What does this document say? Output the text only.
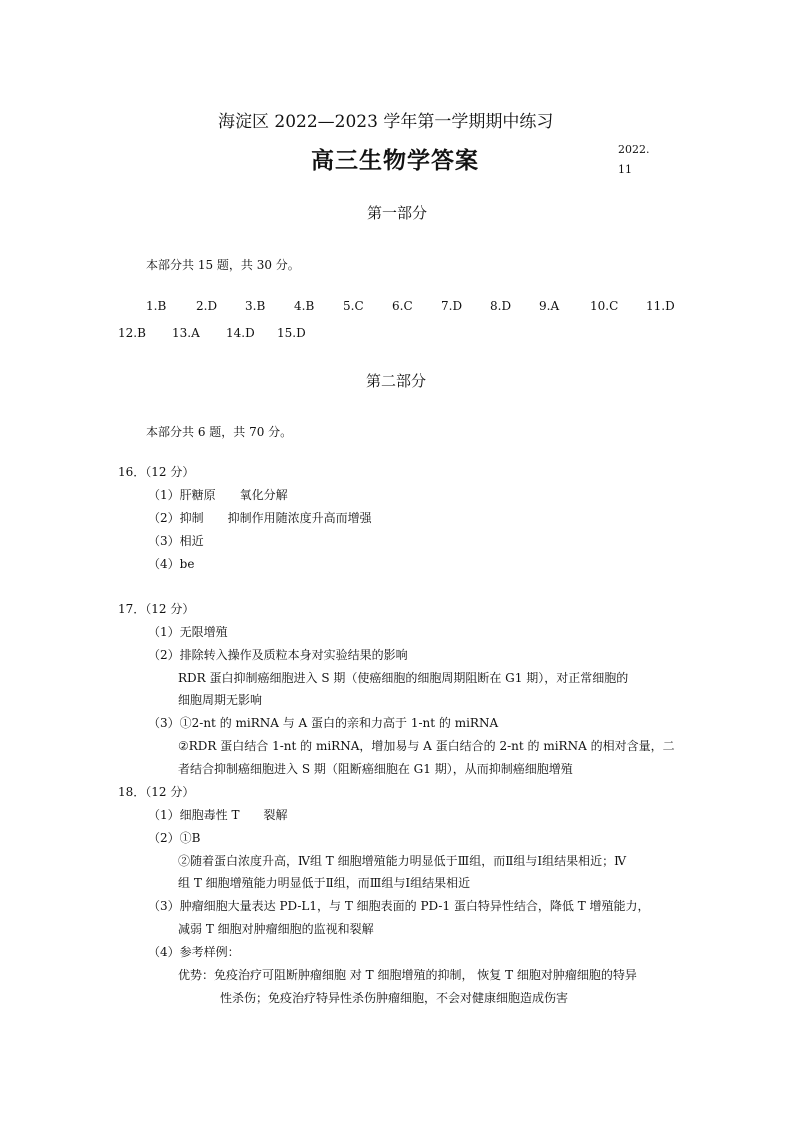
海淀区 2022—2023 学年第一学期期中练习
高三生物学答案	2022.
11
第一部分
本部分共 15 题，共 30 分。
1.B 2.D 3.B 4.B 5.C 6.C 7.D 8.D 9.A	10.C 11.D
12.B 13.A 14.D 15.D
第二部分
本部分共 6 题，共 70 分。
16．（12 分）
（1）肝糖原　　氧化分解
（2）抑制　　抑制作用随浓度升高而增强
（3）相近
（4）be
17．（12 分）
（1）无限增殖
（2）排除转入操作及质粒本身对实验结果的影响
RDR 蛋白抑制癌细胞进入 S 期（使癌细胞的细胞周期阻断在 G1 期），对正常细胞的
细胞周期无影响
（3）①2-nt 的 miRNA 与 A 蛋白的亲和力高于 1-nt 的 miRNA
②RDR 蛋白结合 1-nt 的 miRNA，增加易与 A 蛋白结合的 2-nt 的 miRNA 的相对含量，二
者结合抑制癌细胞进入 S 期（阻断癌细胞在 G1 期），从而抑制癌细胞增殖
18．（12 分）
（1）细胞毒性 T　　裂解
（2）①B
②随着蛋白浓度升高，Ⅳ组 T 细胞增殖能力明显低于Ⅲ组，而Ⅱ组与Ⅰ组结果相近；Ⅳ
组 T 细胞增殖能力明显低于Ⅱ组，而Ⅲ组与Ⅰ组结果相近
（3）肿瘤细胞大量表达 PD-L1，与 T 细胞表面的 PD-1 蛋白特异性结合，降低 T 增殖能力，
减弱 T 细胞对肿瘤细胞的监视和裂解
（4）参考样例：
优势：免疫治疗可阻断肿瘤细胞 对 T 细胞增殖的抑制， 恢复 T 细胞对肿瘤细胞的特异
性杀伤；免疫治疗特异性杀伤肿瘤细胞，不会对健康细胞造成伤害
